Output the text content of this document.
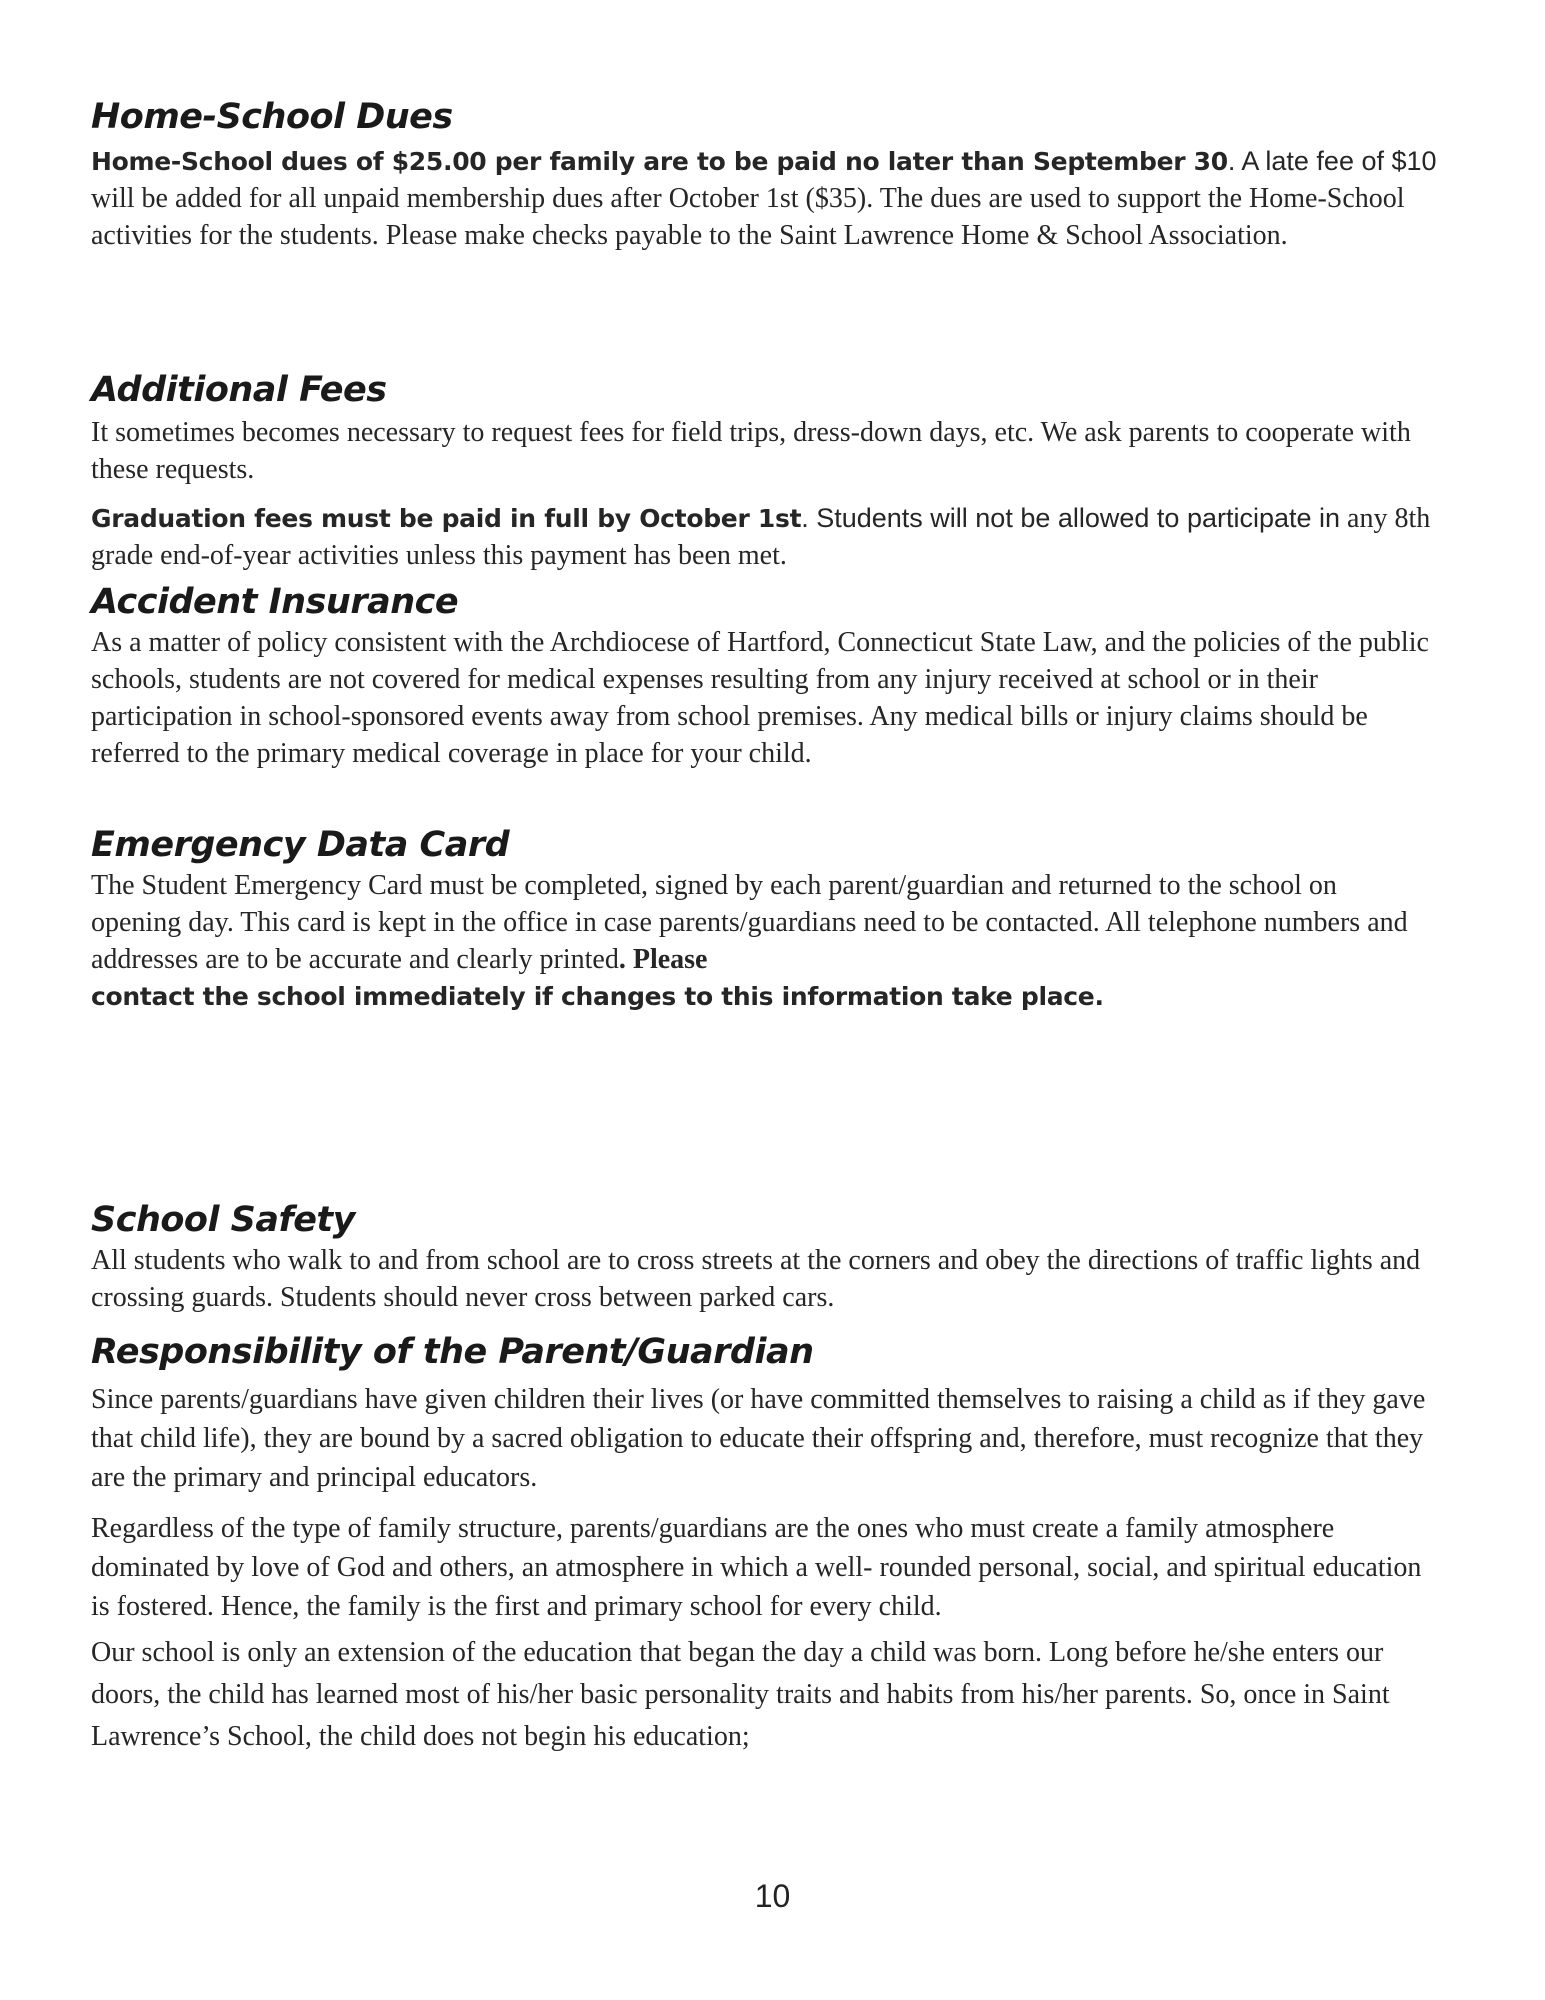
Home-School Dues

Home-School dues of $25.00 per family are to be paid no later than September 30. A late fee of $10 will be added for all unpaid membership dues after October 1st ($35). The dues are used to support the Home-School activities for the students. Please make checks payable to the Saint Lawrence Home & School Association.

Additional Fees

It sometimes becomes necessary to request fees for field trips, dress-down days, etc. We ask parents to cooperate with these requests.

Graduation fees must be paid in full by October 1st. Students will not be allowed to participate in any 8th grade end-of-year activities unless this payment has been met.

Accident Insurance

As a matter of policy consistent with the Archdiocese of Hartford, Connecticut State Law, and the policies of the public schools, students are not covered for medical expenses resulting from any injury received at school or in their participation in school-sponsored events away from school premises. Any medical bills or injury claims should be referred to the primary medical coverage in place for your child.

Emergency Data Card

The Student Emergency Card must be completed, signed by each parent/guardian and returned to the school on opening day. This card is kept in the office in case parents/guardians need to be contacted. All telephone numbers and addresses are to be accurate and clearly printed. Please
contact the school immediately if changes to this information take place.

School Safety

All students who walk to and from school are to cross streets at the corners and obey the directions of traffic lights and crossing guards. Students should never cross between parked cars.

Responsibility of the Parent/Guardian

Since parents/guardians have given children their lives (or have committed themselves to raising a child as if they gave that child life), they are bound by a sacred obligation to educate their offspring and, therefore, must recognize that they are the primary and principal educators.

Regardless of the type of family structure, parents/guardians are the ones who must create a family atmosphere dominated by love of God and others, an atmosphere in which a well- rounded personal, social, and spiritual education is fostered. Hence, the family is the first and primary school for every child.

Our school is only an extension of the education that began the day a child was born. Long before he/she enters our doors, the child has learned most of his/her basic personality traits and habits from his/her parents. So, once in Saint Lawrence’s School, the child does not begin his education;

10
